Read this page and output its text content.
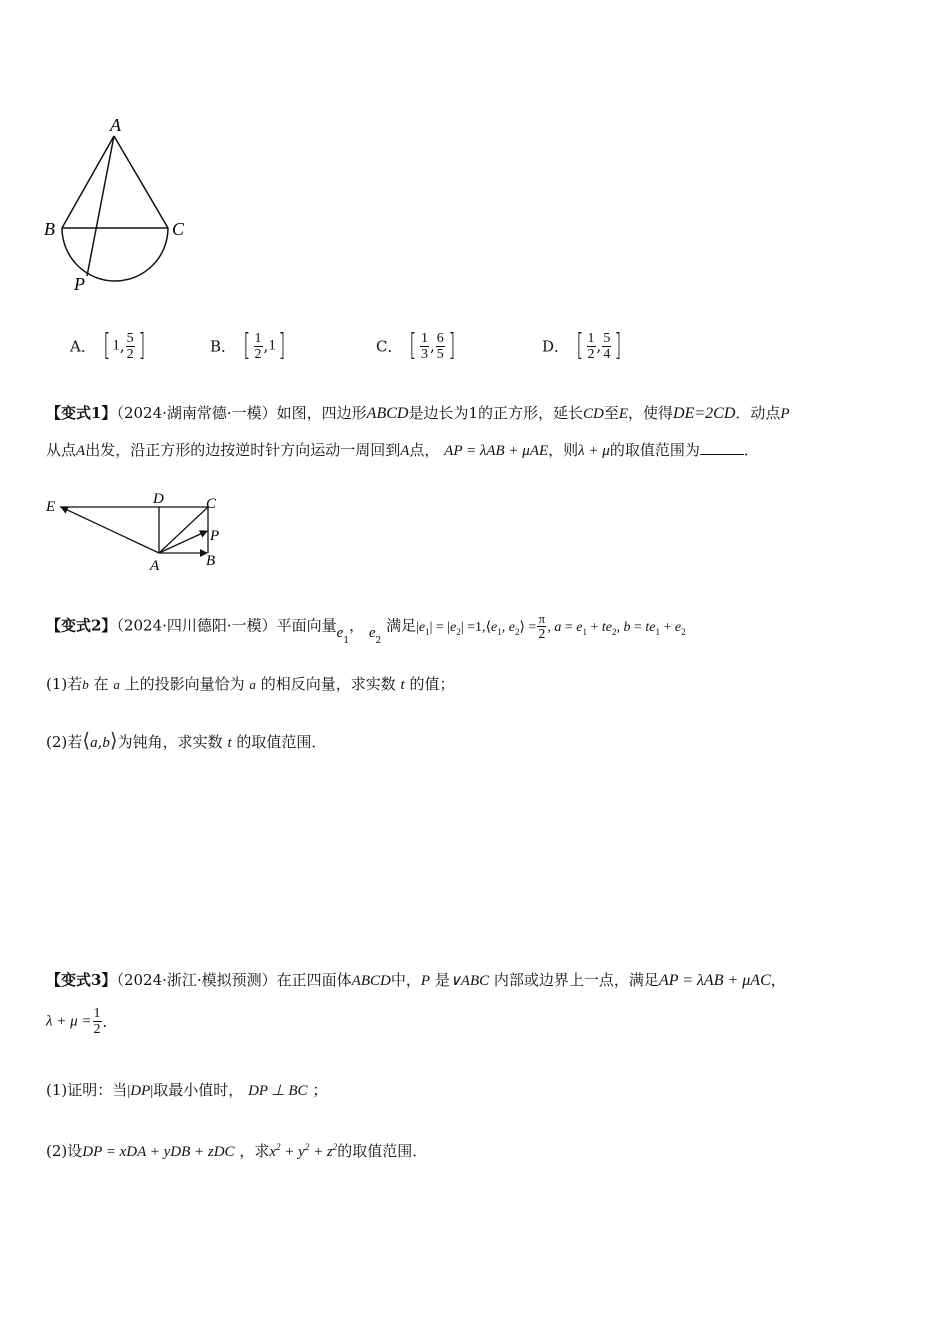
A
B	C
P
A． [ 1, $\frac{5}{2}$ ]	B． [ $\frac{1}{2} ,1$]	C． [ $\frac{1}{3}$ , $\frac{6}{5}$ ]	D． [ $\frac{1}{2}$ , $\frac{5}{4}$ ]
【变式1】（2024·湖南常德·一模）如图，四边形ABCD是边长为1的正方形，延长CD至E，使得DE=2CD．动点P
从点A出发，沿正方形的边按逆时针方向运动一周回到A点， AP = λAB + μAE，则λ + μ的取值范围为	．
E	D	C
P
A	B
【变式2】（2024·四川德阳·一模）平面向量$e_1$， $e_2$ 满足$|e_1| = |e_2|$ $=1,⟨e_1$, $e_2⟩ = \frac{\pi}{2}$ , $a = e_1 + te_2$, $b = te_1 + e_2$
(1)若b 在 a 上的投影向量恰为 a 的相反向量，求实数 t 的值；
(2)若⟨a,b⟩为钝角，求实数 t 的取值范围．
【变式3】（2024·浙江·模拟预测）在正四面体ABCD中，P 是∨ABC 内部或边界上一点，满足AP = λAB + μAC，
$\lambda + \mu = \frac{1}{2}$ ．
(1)证明：当|DP|取最小值时， DP ⊥ BC ；
(2)设DP = xDA + yDB + zDC ，求$x^2 + y^2 + z^2$的取值范围．
